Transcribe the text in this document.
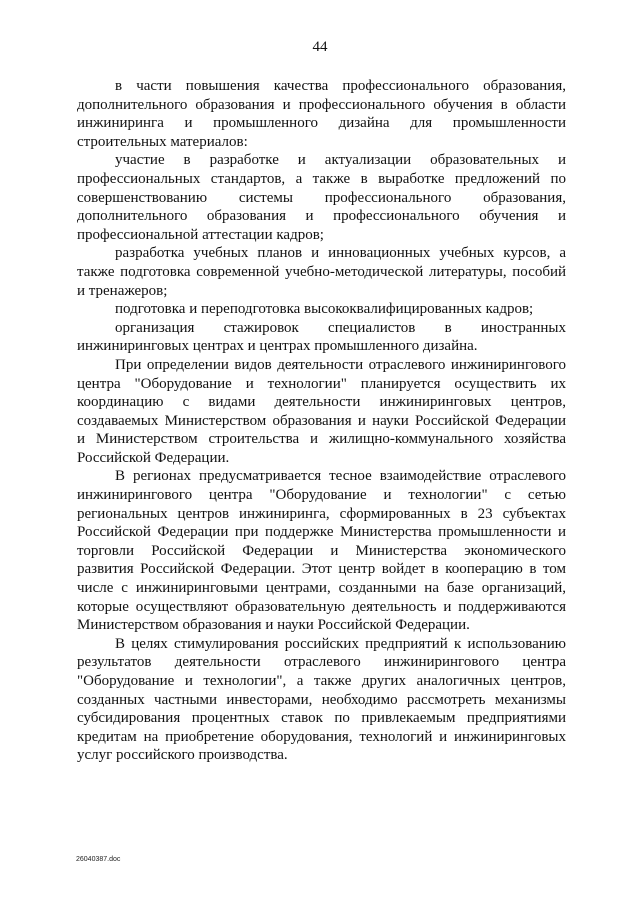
44
в части повышения качества профессионального образования,
дополнительного образования и профессионального обучения в области
инжиниринга и промышленного дизайна для промышленности
строительных материалов:
участие в разработке и актуализации образовательных и
профессиональных стандартов, а также в выработке предложений по
совершенствованию системы профессионального образования,
дополнительного образования и профессионального обучения и
профессиональной аттестации кадров;
разработка учебных планов и инновационных учебных курсов, а
также подготовка современной учебно-методической литературы, пособий
и тренажеров;
подготовка и переподготовка высококвалифицированных кадров;
организация стажировок специалистов в иностранных
инжиниринговых центрах и центрах промышленного дизайна.
При определении видов деятельности отраслевого инжинирингового
центра "Оборудование и технологии" планируется осуществить их
координацию с видами деятельности инжиниринговых центров,
создаваемых Министерством образования и науки Российской Федерации
и Министерством строительства и жилищно-коммунального хозяйства
Российской Федерации.
В регионах предусматривается тесное взаимодействие отраслевого
инжинирингового центра "Оборудование и технологии" с сетью
региональных центров инжиниринга, сформированных в 23 субъектах
Российской Федерации при поддержке Министерства промышленности и
торговли Российской Федерации и Министерства экономического
развития Российской Федерации. Этот центр войдет в кооперацию в том
числе с инжиниринговыми центрами, созданными на базе организаций,
которые осуществляют образовательную деятельность и поддерживаются
Министерством образования и науки Российской Федерации.
В целях стимулирования российских предприятий к использованию
результатов деятельности отраслевого инжинирингового центра
"Оборудование и технологии", а также других аналогичных центров,
созданных частными инвесторами, необходимо рассмотреть механизмы
субсидирования процентных ставок по привлекаемым предприятиями
кредитам на приобретение оборудования, технологий и инжиниринговых
услуг российского производства.
26040387.doc
